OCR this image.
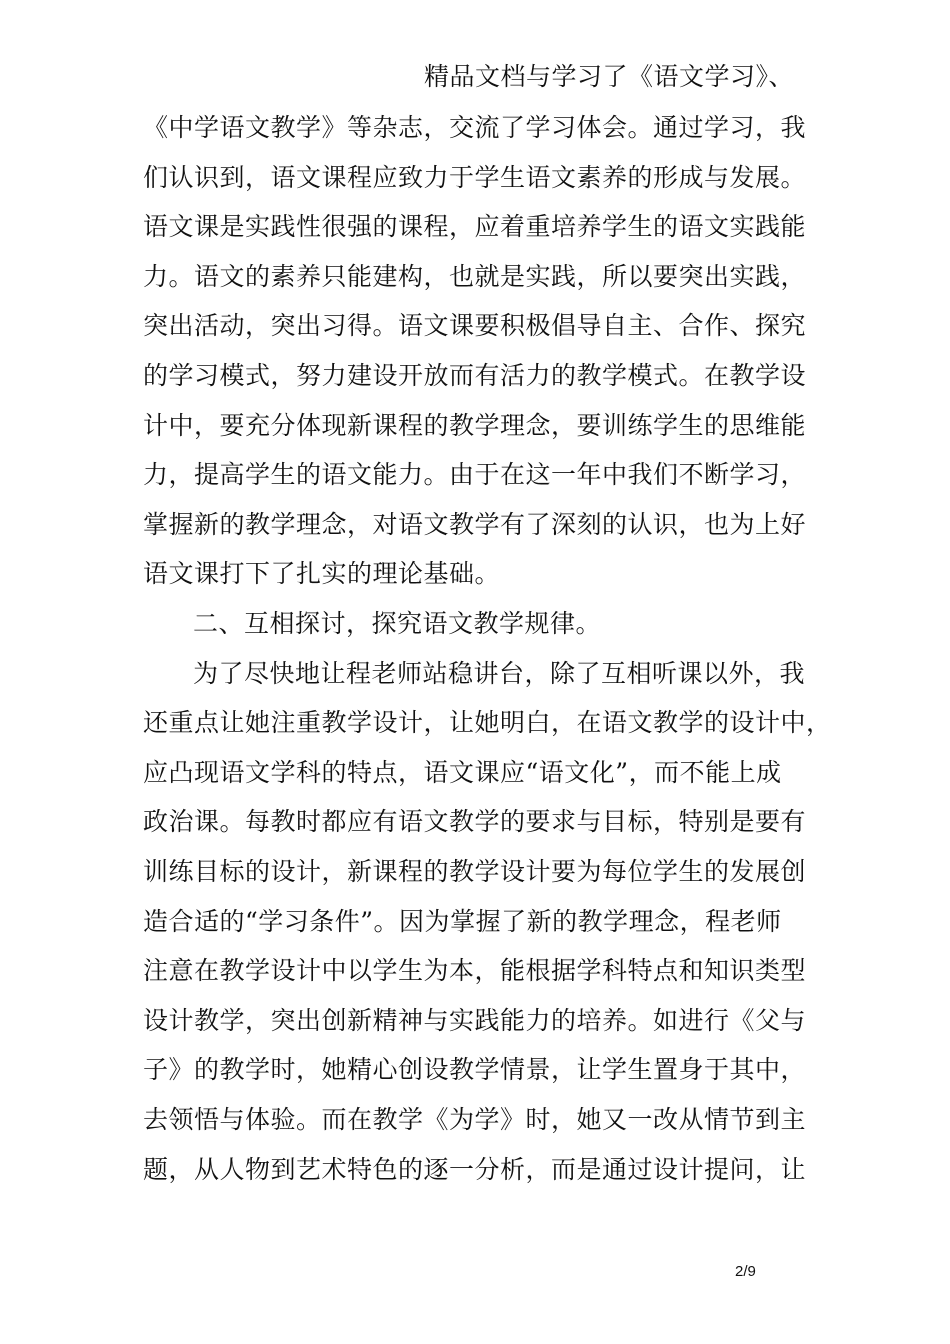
精品文档与学习了《语文学习》、
《中学语文教学》等杂志，交流了学习体会。通过学习，我
们认识到，语文课程应致力于学生语文素养的形成与发展。
语文课是实践性很强的课程，应着重培养学生的语文实践能
力。语文的素养只能建构，也就是实践，所以要突出实践，
突出活动，突出习得。语文课要积极倡导自主、合作、探究
的学习模式，努力建设开放而有活力的教学模式。在教学设
计中，要充分体现新课程的教学理念，要训练学生的思维能
力，提高学生的语文能力。由于在这一年中我们不断学习，
掌握新的教学理念，对语文教学有了深刻的认识，也为上好
语文课打下了扎实的理论基础。
二、互相探讨，探究语文教学规律。
为了尽快地让程老师站稳讲台，除了互相听课以外，我
还重点让她注重教学设计，让她明白，在语文教学的设计中，
应凸现语文学科的特点，语文课应“语文化”，而不能上成
政治课。每教时都应有语文教学的要求与目标，特别是要有
训练目标的设计，新课程的教学设计要为每位学生的发展创
造合适的“学习条件”。因为掌握了新的教学理念，程老师
注意在教学设计中以学生为本，能根据学科特点和知识类型
设计教学，突出创新精神与实践能力的培养。如进行《父与
子》的教学时，她精心创设教学情景，让学生置身于其中，
去领悟与体验。而在教学《为学》时，她又一改从情节到主
题，从人物到艺术特色的逐一分析，而是通过设计提问，让
2/9
